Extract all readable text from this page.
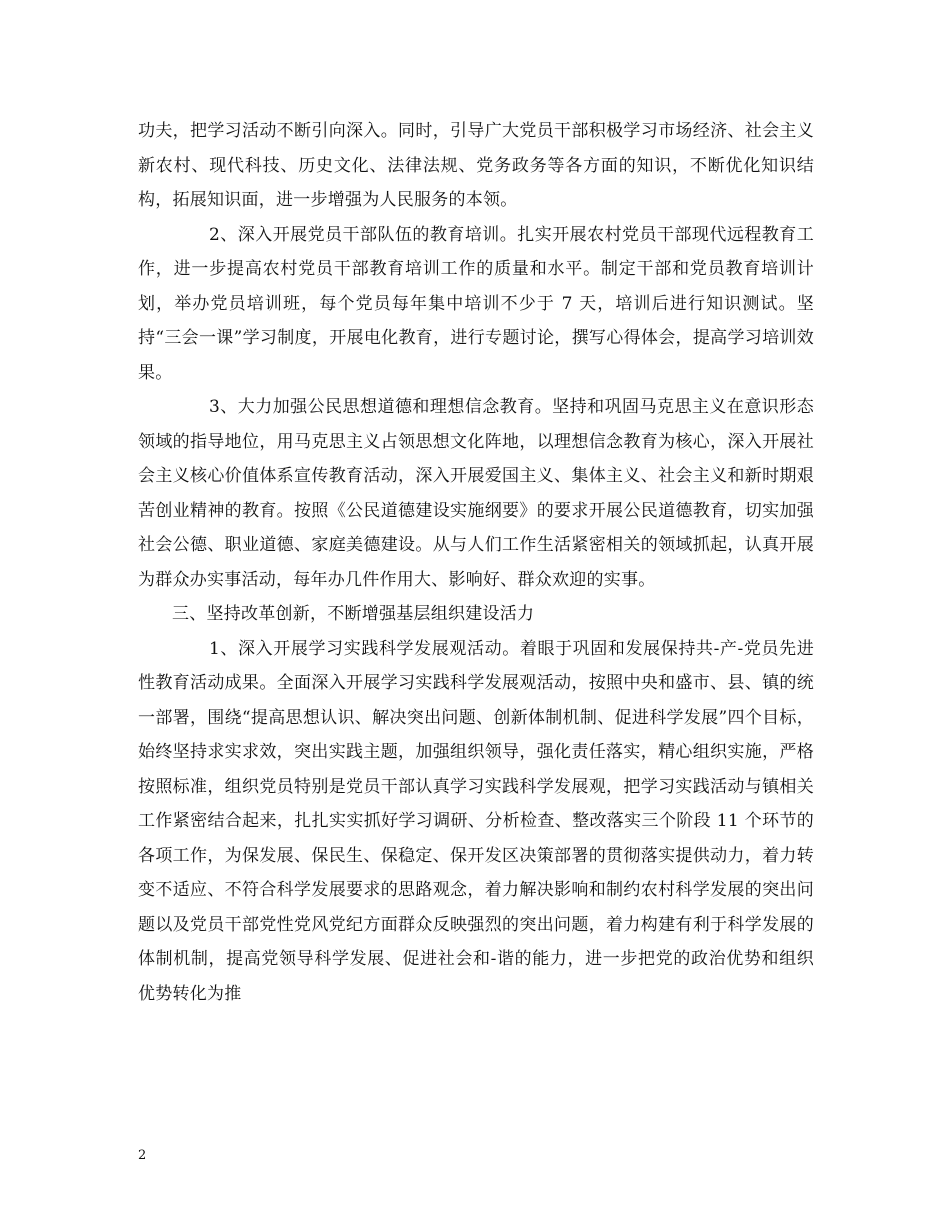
功夫，把学习活动不断引向深入。同时，引导广大党员干部积极学习市场经济、社会主义新农村、现代科技、历史文化、法律法规、党务政务等各方面的知识，不断优化知识结构，拓展知识面，进一步增强为人民服务的本领。

2、深入开展党员干部队伍的教育培训。扎实开展农村党员干部现代远程教育工作，进一步提高农村党员干部教育培训工作的质量和水平。制定干部和党员教育培训计划，举办党员培训班，每个党员每年集中培训不少于 7 天，培训后进行知识测试。坚持“三会一课”学习制度，开展电化教育，进行专题讨论，撰写心得体会，提高学习培训效果。

3、大力加强公民思想道德和理想信念教育。坚持和巩固马克思主义在意识形态领域的指导地位，用马克思主义占领思想文化阵地，以理想信念教育为核心，深入开展社会主义核心价值体系宣传教育活动，深入开展爱国主义、集体主义、社会主义和新时期艰苦创业精神的教育。按照《公民道德建设实施纲要》的要求开展公民道德教育，切实加强社会公德、职业道德、家庭美德建设。从与人们工作生活紧密相关的领域抓起，认真开展为群众办实事活动，每年办几件作用大、影响好、群众欢迎的实事。

三、坚持改革创新，不断增强基层组织建设活力

1、深入开展学习实践科学发展观活动。着眼于巩固和发展保持共-产-党员先进性教育活动成果。全面深入开展学习实践科学发展观活动，按照中央和盛市、县、镇的统一部署，围绕“提高思想认识、解决突出问题、创新体制机制、促进科学发展”四个目标，始终坚持求实求效，突出实践主题，加强组织领导，强化责任落实，精心组织实施，严格按照标准，组织党员特别是党员干部认真学习实践科学发展观，把学习实践活动与镇相关工作紧密结合起来，扎扎实实抓好学习调研、分析检查、整改落实三个阶段 11 个环节的各项工作，为保发展、保民生、保稳定、保开发区决策部署的贯彻落实提供动力，着力转变不适应、不符合科学发展要求的思路观念，着力解决影响和制约农村科学发展的突出问题以及党员干部党性党风党纪方面群众反映强烈的突出问题，着力构建有利于科学发展的体制机制，提高党领导科学发展、促进社会和-谐的能力，进一步把党的政治优势和组织优势转化为推

2
